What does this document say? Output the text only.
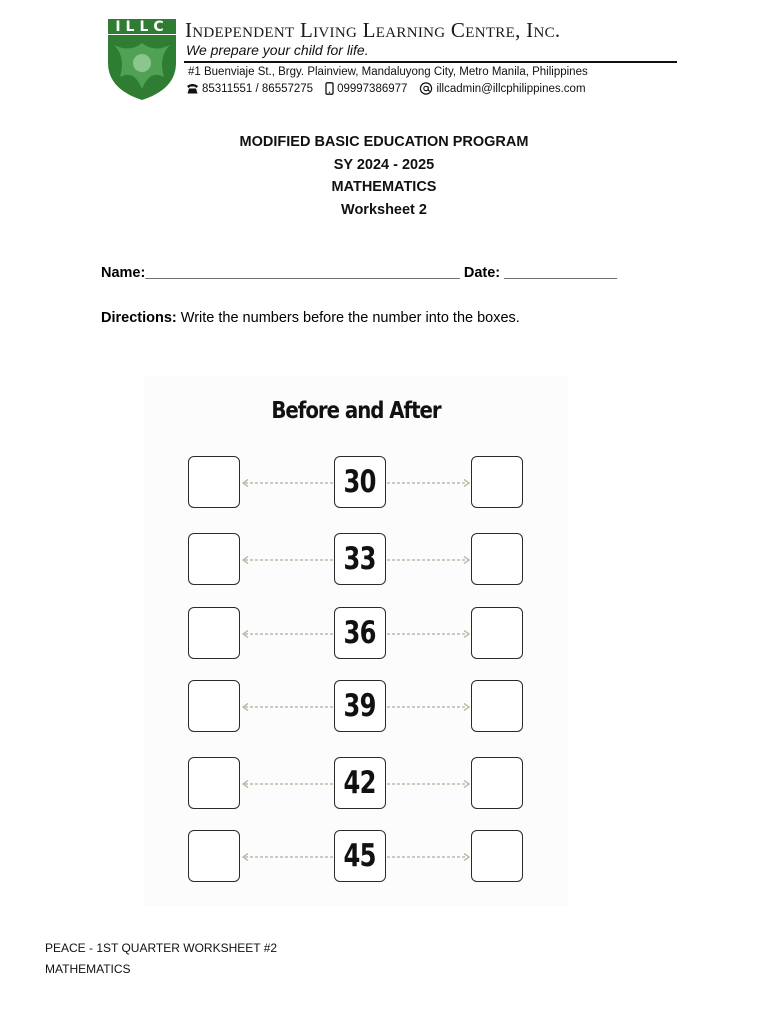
ILLC Independent Living Learning Centre, Inc.
We prepare your child for life.
#1 Buenviaje St., Brgy. Plainview, Mandaluyong City, Metro Manila, Philippines
85311551 / 86557275 09997386977	illcadmin@illcphilippines.com
MODIFIED BASIC EDUCATION PROGRAM
SY 2024 - 2025
MATHEMATICS
Worksheet 2
Name:_______________________________________ Date: ______________
Directions: Write the numbers before the number into the boxes.
Before and After
30
33
36
39
42
45
PEACE - 1ST QUARTER WORKSHEET #2
MATHEMATICS
